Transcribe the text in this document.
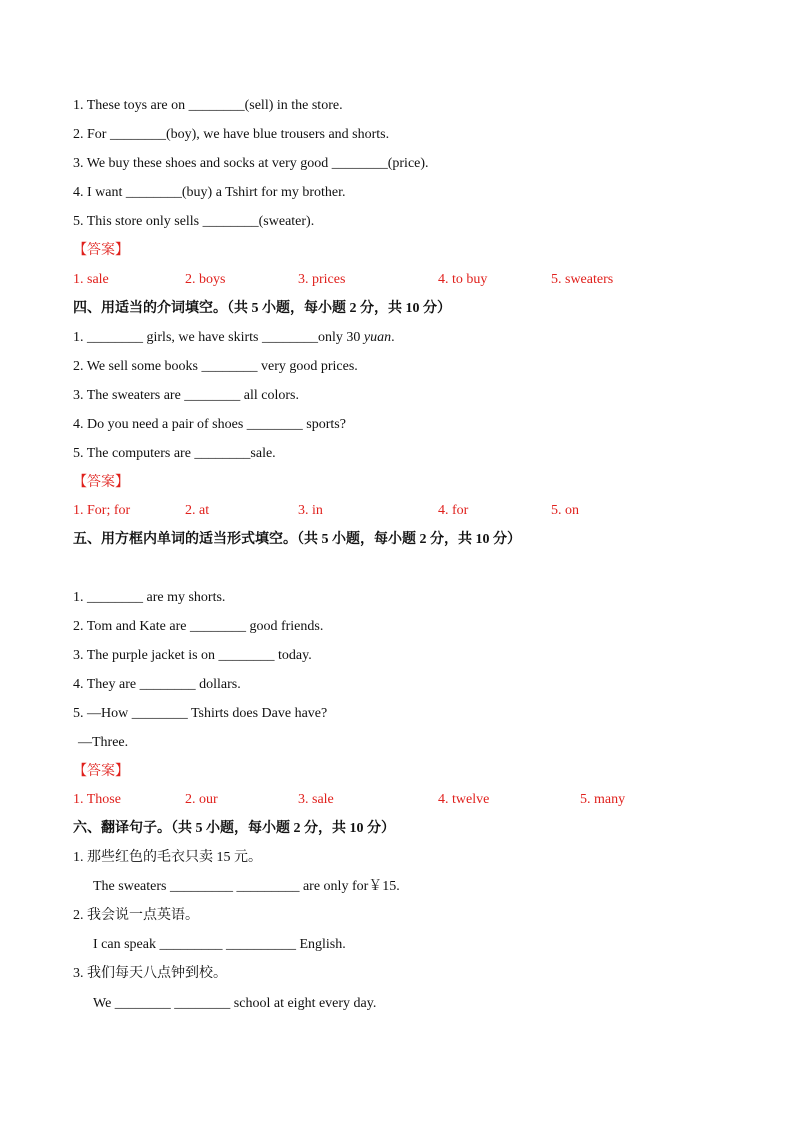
1. These toys are on ________(sell) in the store.
2. For ________(boy), we have blue trousers and shorts.
3. We buy these shoes and socks at very good ________(price).
4. I want ________(buy) a Tshirt for my brother.
5. This store only sells ________(sweater).
【答案】
1. sale	2. boys	3. prices	4. to buy	5. sweaters
四、用适当的介词填空。（共 5 小题，每小题 2 分，共 10 分）
1. ________ girls, we have skirts ________only 30 yuan.
2. We sell some books ________ very good prices.
3. The sweaters are ________ all colors.
4. Do you need a pair of shoes ________ sports?
5. The computers are ________sale.
【答案】
1. For; for	2. at	3. in	4. for	5. on
五、用方框内单词的适当形式填空。（共 5 小题，每小题 2 分，共 10 分）
1. ________ are my shorts.
2. Tom and Kate are ________ good friends.
3. The purple jacket is on ________ today.
4. They are ________ dollars.
5. —How ________ Tshirts does Dave have?
—Three.
【答案】
1. Those	2. our	3. sale	4. twelve	5. many
六、翻译句子。（共 5 小题，每小题 2 分，共 10 分）
1. 那些红色的毛衣只卖 15 元。
The sweaters _________ _________ are only for￥15.
2. 我会说一点英语。
I can speak _________ __________ English.
3. 我们每天八点钟到校。
We ________ ________ school at eight every day.
